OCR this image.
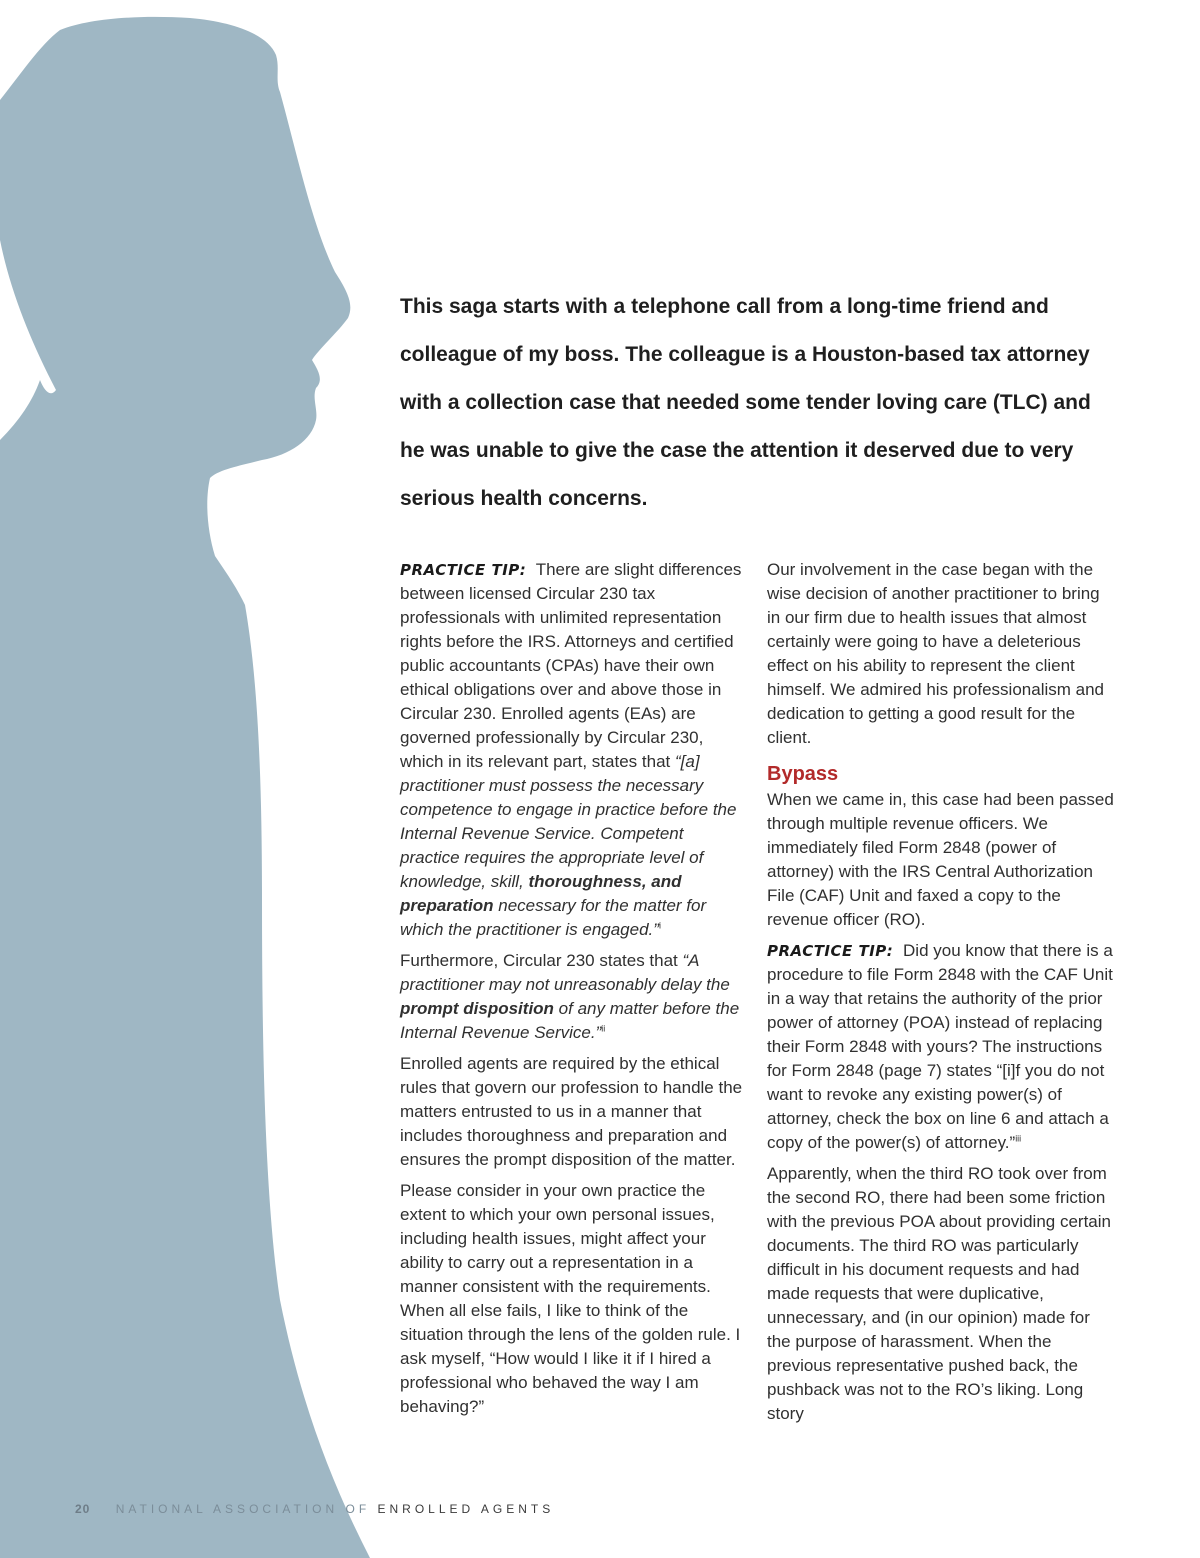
This saga starts with a telephone call from a long-time friend and

colleague of my boss. The colleague is a Houston-based tax attorney

with a collection case that needed some tender loving care (TLC) and

he was unable to give the case the attention it deserved due to very

serious health concerns.

PRACTICE TIP: There are slight differences between licensed Circular 230 tax professionals with unlimited representation rights before the IRS. Attorneys and certified public accountants (CPAs) have their own ethical obligations over and above those in Circular 230. Enrolled agents (EAs) are governed professionally by Circular 230, which in its relevant part, states that “[a] practitioner must possess the necessary competence to engage in practice before the Internal Revenue Service. Competent practice requires the appropriate level of knowledge, skill, thoroughness, and preparation necessary for the matter for which the practitioner is engaged.”$^i$

Furthermore, Circular 230 states that “A practitioner may not unreasonably delay the prompt disposition of any matter before the Internal Revenue Service.”$^{ii}$

Enrolled agents are required by the ethical rules that govern our profession to handle the matters entrusted to us in a manner that includes thoroughness and preparation and ensures the prompt disposition of the matter.

Please consider in your own practice the extent to which your own personal issues, including health issues, might affect your ability to carry out a representation in a manner consistent with the requirements. When all else fails, I like to think of the situation through the lens of the golden rule. I ask myself, “How would I like it if I hired a professional who behaved the way I am behaving?”

Our involvement in the case began with the wise decision of another practitioner to bring in our firm due to health issues that almost certainly were going to have a deleterious effect on his ability to represent the client himself. We admired his professionalism and dedication to getting a good result for the client.

Bypass

When we came in, this case had been passed through multiple revenue officers. We immediately filed Form 2848 (power of attorney) with the IRS Central Authorization File (CAF) Unit and faxed a copy to the revenue officer (RO).

PRACTICE TIP: Did you know that there is a procedure to file Form 2848 with the CAF Unit in a way that retains the authority of the prior power of attorney (POA) instead of replacing their Form 2848 with yours? The instructions for Form 2848 (page 7) states “[i]f you do not want to revoke any existing power(s) of attorney, check the box on line 6 and attach a copy of the power(s) of attorney.”$^{iii}$

Apparently, when the third RO took over from the second RO, there had been some friction with the previous POA about providing certain documents. The third RO was particularly difficult in his document requests and had made requests that were duplicative, unnecessary, and (in our opinion) made for the purpose of harassment. When the previous representative pushed back, the pushback was not to the RO’s liking. Long story

20 NATIONAL ASSOCIATION OF ENROLLED AGENTS
